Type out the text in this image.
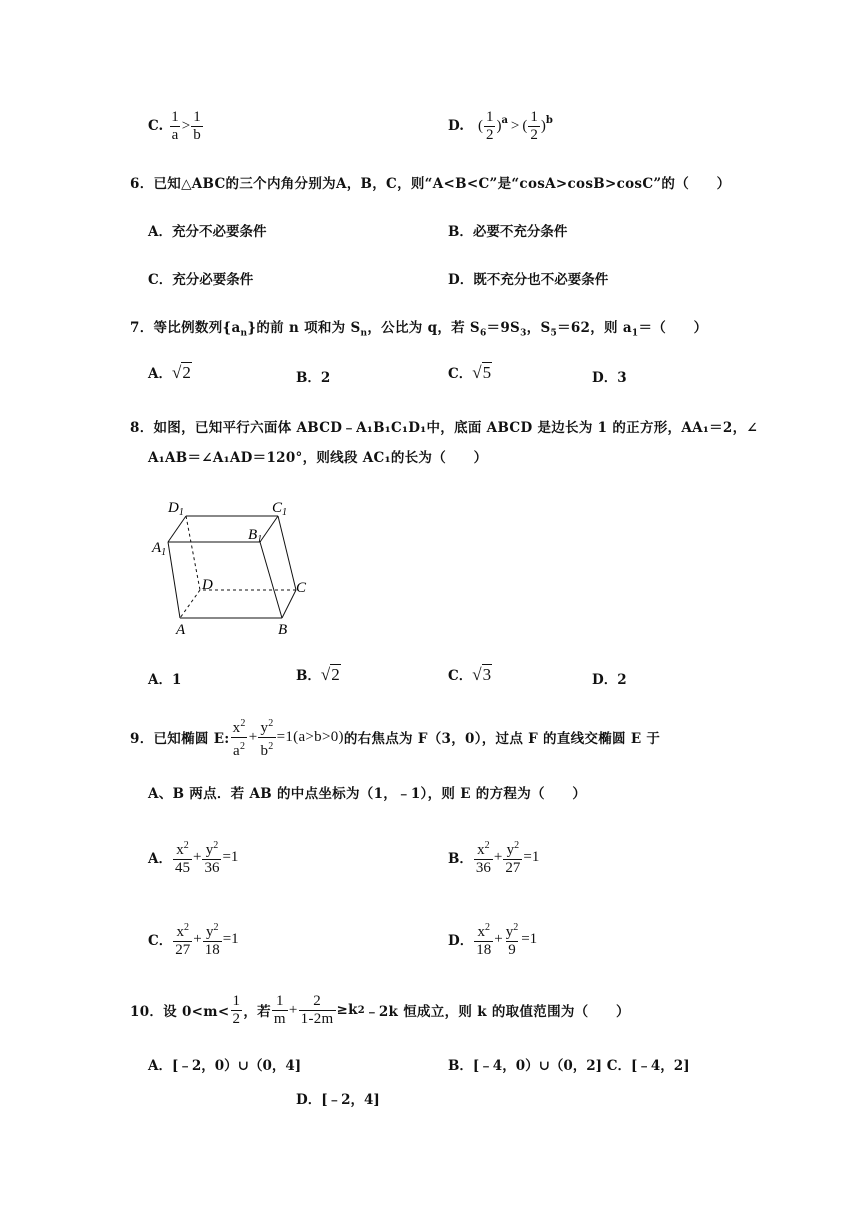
C. $\frac{1}{a} > \frac{1}{b}$	D. ( $\frac{1}{2}$ ) a > ( $\frac{1}{2}$ ) b
6．已知△ABC的三个内角分别为A，B，C，则“A<B<C”是“cosA>cosB>cosC”的（　　）
A．充分不必要条件	B．必要不充分条件
C．充分必要条件	D．既不充分也不必要条件
7．等比例数列$\{a_n\}$的前 n 项和为 $S_n$，公比为 q，若 $S_6=9S_3$，$S_5=62$，则 $a_1=$（　　）
A．√2	B．2	C．√5	D．3
8．如图，已知平行六面体 ABCD﹣A₁B₁C₁D₁中，底面 ABCD 是边长为 1 的正方形，AA₁＝2，∠
A₁AB＝∠A₁AD＝120°，则线段 AC₁的长为（　　）
$D_1$	$C_1$
$A_1$
$B_1$
D	C
A	B
A．1	B．√2	C．√3	D．2
9．已知椭圆 E: $\frac{x^2}{a^2} + \frac{y^2}{b^2} =1(a>b>0)$ 的右焦点为 F（3，0），过点 F 的直线交椭圆 E 于
A、B 两点．若 AB 的中点坐标为（1，﹣1），则 E 的方程为（　　）
A． $\frac{x^2}{45} + \frac{y^2}{36} =1$	B． $\frac{x^2}{36} + \frac{y^2}{27} =1$
C． $\frac{x^2}{27} + \frac{y^2}{18} =1$	D． $\frac{x^2}{18} + \frac{y^2}{9} =1$
10．设 $0<m< \frac{1}{2}$ ，若 $\frac{1}{m} + \frac{2}{1-2m} \ge k$ 2 ﹣2k 恒成立，则 k 的取值范围为（　　）
A．[﹣2，0）∪（0，4]	B．[﹣4，0）∪（0，2] C．[﹣4，2]
D．[﹣2，4]
